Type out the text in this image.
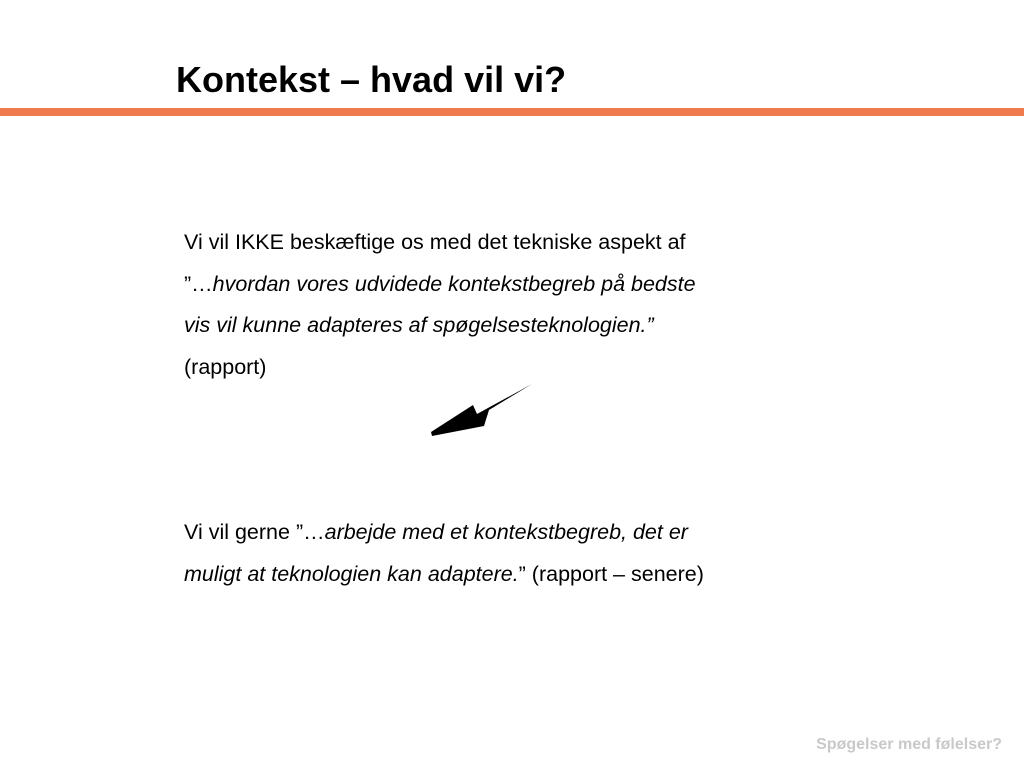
Kontekst – hvad vil vi?

Vi vil IKKE beskæftige os med det tekniske aspekt af
”…hvordan vores udvidede kontekstbegreb på bedste
vis vil kunne adapteres af spøgelsesteknologien.”
(rapport)

Vi vil gerne ”…arbejde med et kontekstbegreb, det er
muligt at teknologien kan adaptere.” (rapport – senere)

Spøgelser med følelser?
